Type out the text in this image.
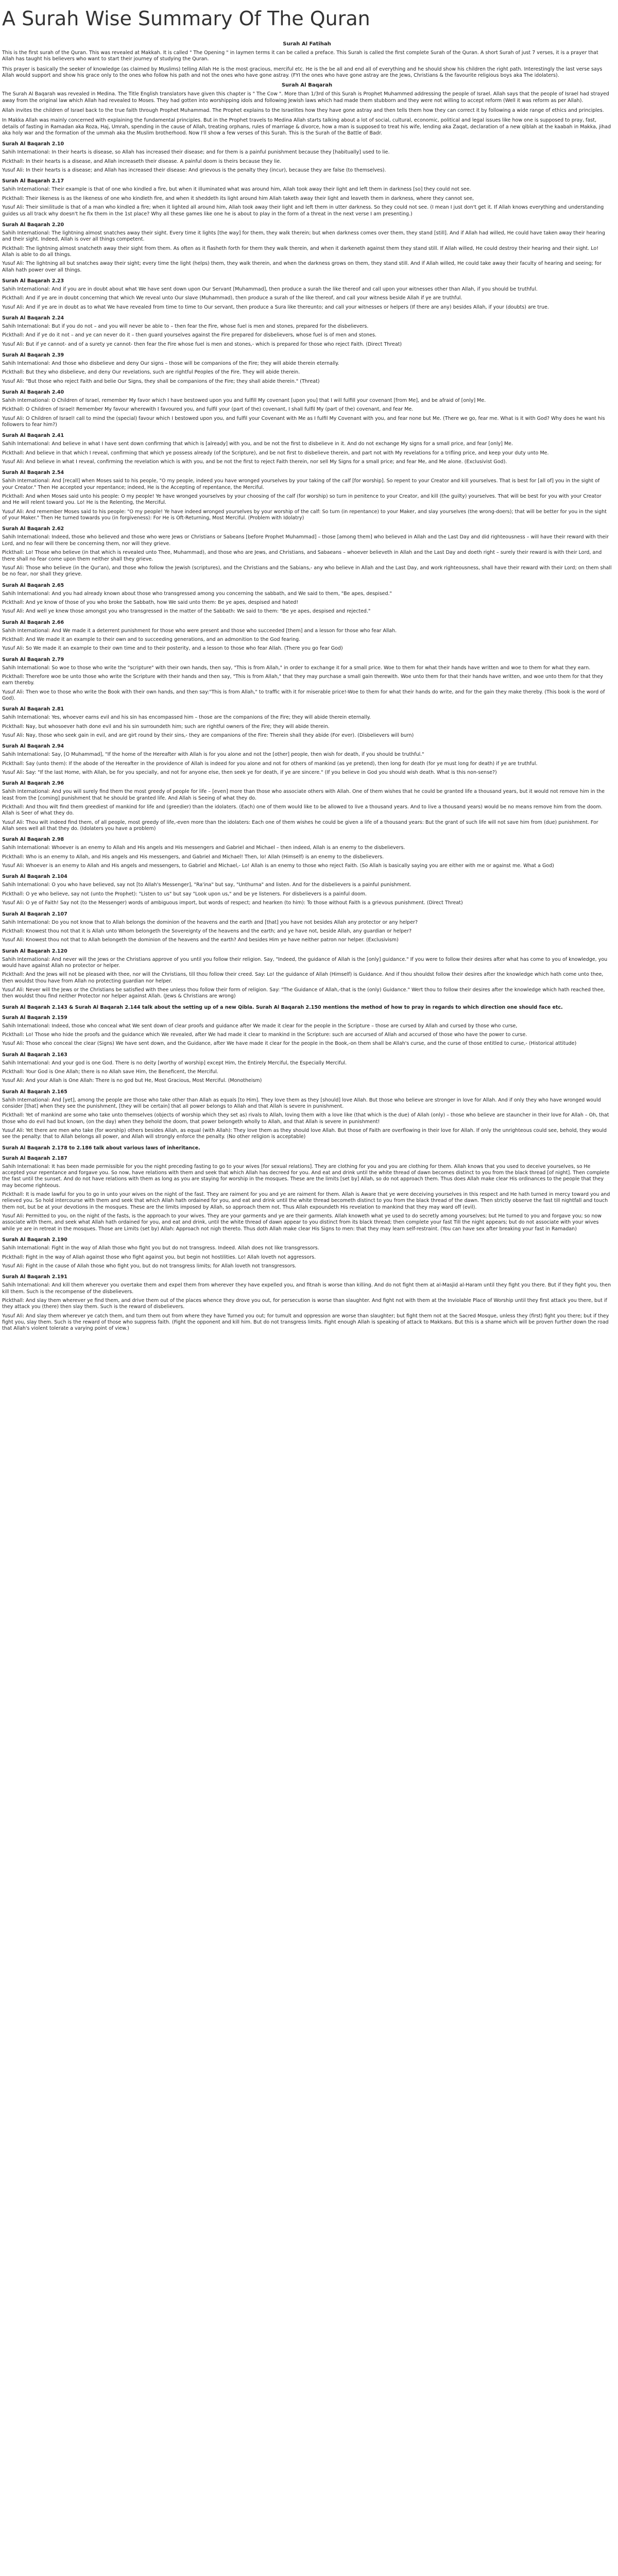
A Surah Wise Summary Of The Quran
Surah Al Fatihah

This is the first surah of the Quran. This was revealed at Makkah. It is called " The Opening " in laymen terms it can be called a preface. This Surah is called the first complete Surah of the Quran. A short Surah of just 7 verses, it is a prayer that Allah has taught his believers who want to start their journey of studying the Quran.

This prayer is basically the seeker of knowledge (as claimed by Muslims) telling Allah He is the most gracious, merciful etc. He is the be all and end all of everything and he should show his children the right path. Interestingly the last verse says Allah would support and show his grace only to the ones who follow his path and not the ones who have gone astray. (FYI the ones who have gone astray are the Jews, Christians & the favourite religious boys aka The idolaters).

Surah Al Baqarah

The Surah Al Baqarah was revealed in Medina. The Title English translators have given this chapter is " The Cow ". More than 1/3rd of this Surah is Prophet Muhammed addressing the people of Israel. Allah says that the people of Israel had strayed away from the original law which Allah had revealed to Moses. They had gotten into worshipping idols and following Jewish laws which had made them stubborn and they were not willing to accept reform (Well it was reform as per Allah).

Allah invites the children of Israel back to the true faith through Prophet Muhammad. The Prophet explains to the Israelites how they have gone astray and then tells them how they can correct it by following a wide range of ethics and principles.

In Makka Allah was mainly concerned with explaining the fundamental principles. But in the Prophet travels to Medina Allah starts talking about a lot of social, cultural, economic, political and legal issues like how one is supposed to pray, fast, details of fasting in Ramadan aka Roza, Haj, Umrah, spending in the cause of Allah, treating orphans, rules of marriage & divorce, how a man is supposed to treat his wife, lending aka Zaqat, declaration of a new qiblah at the kaabah in Makka, jihad aka holy war and the formation of the ummah aka the Muslim brotherhood. Now I'll show a few verses of this Surah. This is the Surah of the Battle of Badr.

Surah Al Baqarah 2.10

Sahih International: In their hearts is disease, so Allah has increased their disease; and for them is a painful punishment because they [habitually] used to lie.

Pickthall: In their hearts is a disease, and Allah increaseth their disease. A painful doom is theirs because they lie.

Yusuf Ali: In their hearts is a disease; and Allah has increased their disease: And grievous is the penalty they (incur), because they are false (to themselves).

Surah Al Baqarah 2.17

Sahih International: Their example is that of one who kindled a fire, but when it illuminated what was around him, Allah took away their light and left them in darkness [so] they could not see.

Pickthall: Their likeness is as the likeness of one who kindleth fire, and when it sheddeth its light around him Allah taketh away their light and leaveth them in darkness, where they cannot see,

Yusuf Ali: Their similitude is that of a man who kindled a fire; when it lighted all around him, Allah took away their light and left them in utter darkness. So they could not see. (I mean I just don't get it. If Allah knows everything and understanding guides us all track why doesn't he fix them in the 1st place? Why all these games like one he is about to play in the form of a threat in the next verse I am presenting.)

Surah Al Baqarah 2.20

Sahih International: The lightning almost snatches away their sight. Every time it lights [the way] for them, they walk therein; but when darkness comes over them, they stand [still]. And if Allah had willed, He could have taken away their hearing and their sight. Indeed, Allah is over all things competent.

Pickthall: The lightning almost snatcheth away their sight from them. As often as it flasheth forth for them they walk therein, and when it darkeneth against them they stand still. If Allah willed, He could destroy their hearing and their sight. Lo! Allah is able to do all things.

Yusuf Ali: The lightning all but snatches away their sight; every time the light (helps) them, they walk therein, and when the darkness grows on them, they stand still. And if Allah willed, He could take away their faculty of hearing and seeing; for Allah hath power over all things.

Surah Al Baqarah 2.23

Sahih International: And if you are in doubt about what We have sent down upon Our Servant [Muhammad], then produce a surah the like thereof and call upon your witnesses other than Allah, if you should be truthful.

Pickthall: And if ye are in doubt concerning that which We reveal unto Our slave (Muhammad), then produce a surah of the like thereof, and call your witness beside Allah if ye are truthful.

Yusuf Ali: And if ye are in doubt as to what We have revealed from time to time to Our servant, then produce a Sura like thereunto; and call your witnesses or helpers (If there are any) besides Allah, if your (doubts) are true.

Surah Al Baqarah 2.24

Sahih International: But if you do not – and you will never be able to – then fear the Fire, whose fuel is men and stones, prepared for the disbelievers.

Pickthall: And if ye do it not – and ye can never do it – then guard yourselves against the Fire prepared for disbelievers, whose fuel is of men and stones.

Yusuf Ali: But if ye cannot- and of a surety ye cannot- then fear the Fire whose fuel is men and stones,- which is prepared for those who reject Faith. (Direct Threat)

Surah Al Baqarah 2.39

Sahih International: And those who disbelieve and deny Our signs – those will be companions of the Fire; they will abide therein eternally.

Pickthall: But they who disbelieve, and deny Our revelations, such are rightful Peoples of the Fire. They will abide therein.

Yusuf Ali: "But those who reject Faith and belie Our Signs, they shall be companions of the Fire; they shall abide therein." (Threat)

Surah Al Baqarah 2.40

Sahih International: O Children of Israel, remember My favor which I have bestowed upon you and fulfill My covenant [upon you] that I will fulfill your covenant [from Me], and be afraid of [only] Me.

Pickthall: O Children of Israel! Remember My favour wherewith I favoured you, and fulfil your (part of the) covenant, I shall fulfil My (part of the) covenant, and fear Me.

Yusuf Ali: O Children of Israel! call to mind the (special) favour which I bestowed upon you, and fulfil your Covenant with Me as I fulfil My Covenant with you, and fear none but Me. (There we go, fear me. What is it with God? Why does he want his followers to fear him?)

Surah Al Baqarah 2.41

Sahih International: And believe in what I have sent down confirming that which is [already] with you, and be not the first to disbelieve in it. And do not exchange My signs for a small price, and fear [only] Me.

Pickthall: And believe in that which I reveal, confirming that which ye possess already (of the Scripture), and be not first to disbelieve therein, and part not with My revelations for a trifling price, and keep your duty unto Me.

Yusuf Ali: And believe in what I reveal, confirming the revelation which is with you, and be not the first to reject Faith therein, nor sell My Signs for a small price; and fear Me, and Me alone. (Exclusivist God).

Surah Al Baqarah 2.54

Sahih International: And [recall] when Moses said to his people, "O my people, indeed you have wronged yourselves by your taking of the calf [for worship]. So repent to your Creator and kill yourselves. That is best for [all of] you in the sight of your Creator." Then He accepted your repentance; indeed, He is the Accepting of repentance, the Merciful.

Pickthall: And when Moses said unto his people: O my people! Ye have wronged yourselves by your choosing of the calf (for worship) so turn in penitence to your Creator, and kill (the guilty) yourselves. That will be best for you with your Creator and He will relent toward you. Lo! He is the Relenting, the Merciful.

Yusuf Ali: And remember Moses said to his people: "O my people! Ye have indeed wronged yourselves by your worship of the calf: So turn (in repentance) to your Maker, and slay yourselves (the wrong-doers); that will be better for you in the sight of your Maker." Then He turned towards you (in forgiveness): For He is Oft-Returning, Most Merciful. (Problem with Idolatry)

Surah Al Baqarah 2.62

Sahih International: Indeed, those who believed and those who were Jews or Christians or Sabeans [before Prophet Muhammad] – those [among them] who believed in Allah and the Last Day and did righteousness – will have their reward with their Lord, and no fear will there be concerning them, nor will they grieve.

Pickthall: Lo! Those who believe (in that which is revealed unto Thee, Muhammad), and those who are Jews, and Christians, and Sabaeans – whoever believeth in Allah and the Last Day and doeth right – surely their reward is with their Lord, and there shall no fear come upon them neither shall they grieve.

Yusuf Ali: Those who believe (in the Qur'an), and those who follow the Jewish (scriptures), and the Christians and the Sabians,- any who believe in Allah and the Last Day, and work righteousness, shall have their reward with their Lord; on them shall be no fear, nor shall they grieve.

Surah Al Baqarah 2.65

Sahih International: And you had already known about those who transgressed among you concerning the sabbath, and We said to them, "Be apes, despised."

Pickthall: And ye know of those of you who broke the Sabbath, how We said unto them: Be ye apes, despised and hated!

Yusuf Ali: And well ye knew those amongst you who transgressed in the matter of the Sabbath: We said to them: "Be ye apes, despised and rejected."

Surah Al Baqarah 2.66

Sahih International: And We made it a deterrent punishment for those who were present and those who succeeded [them] and a lesson for those who fear Allah.

Pickthall: And We made it an example to their own and to succeeding generations, and an admonition to the God fearing.

Yusuf Ali: So We made it an example to their own time and to their posterity, and a lesson to those who fear Allah. (There you go fear God)

Surah Al Baqarah 2.79

Sahih International: So woe to those who write the "scripture" with their own hands, then say, "This is from Allah," in order to exchange it for a small price. Woe to them for what their hands have written and woe to them for what they earn.

Pickthall: Therefore woe be unto those who write the Scripture with their hands and then say, "This is from Allah," that they may purchase a small gain therewith. Woe unto them for that their hands have written, and woe unto them for that they earn thereby.

Yusuf Ali: Then woe to those who write the Book with their own hands, and then say:"This is from Allah," to traffic with it for miserable price!-Woe to them for what their hands do write, and for the gain they make thereby. (This book is the word of God).

Surah Al Baqarah 2.81

Sahih International: Yes, whoever earns evil and his sin has encompassed him – those are the companions of the Fire; they will abide therein eternally.

Pickthall: Nay, but whosoever hath done evil and his sin surroundeth him; such are rightful owners of the Fire; they will abide therein.

Yusuf Ali: Nay, those who seek gain in evil, and are girt round by their sins,- they are companions of the Fire: Therein shall they abide (For ever). (Disbelievers will burn)

Surah Al Baqarah 2.94

Sahih International: Say, [O Muhammad], "If the home of the Hereafter with Allah is for you alone and not the [other] people, then wish for death, if you should be truthful."

Pickthall: Say (unto them): If the abode of the Hereafter in the providence of Allah is indeed for you alone and not for others of mankind (as ye pretend), then long for death (for ye must long for death) if ye are truthful.

Yusuf Ali: Say: "If the last Home, with Allah, be for you specially, and not for anyone else, then seek ye for death, if ye are sincere." (If you believe in God you should wish death. What is this non-sense?)

Surah Al Baqarah 2.96

Sahih International: And you will surely find them the most greedy of people for life – [even] more than those who associate others with Allah. One of them wishes that he could be granted life a thousand years, but it would not remove him in the least from the [coming] punishment that he should be granted life. And Allah is Seeing of what they do.

Pickthall: And thou wilt find them greediest of mankind for life and (greedier) than the idolaters. (Each) one of them would like to be allowed to live a thousand years. And to live a thousand years) would be no means remove him from the doom. Allah is Seer of what they do.

Yusuf Ali: Thou wilt indeed find them, of all people, most greedy of life,-even more than the idolaters: Each one of them wishes he could be given a life of a thousand years: But the grant of such life will not save him from (due) punishment. For Allah sees well all that they do. (Idolaters you have a problem)

Surah Al Baqarah 2.98

Sahih International: Whoever is an enemy to Allah and His angels and His messengers and Gabriel and Michael – then indeed, Allah is an enemy to the disbelievers.

Pickthall: Who is an enemy to Allah, and His angels and His messengers, and Gabriel and Michael! Then, lo! Allah (Himself) is an enemy to the disbelievers.

Yusuf Ali: Whoever is an enemy to Allah and His angels and messengers, to Gabriel and Michael,- Lo! Allah is an enemy to those who reject Faith. (So Allah is basically saying you are either with me or against me. What a God)

Surah Al Baqarah 2.104

Sahih International: O you who have believed, say not [to Allah's Messenger], "Ra'ina" but say, "Unthurna" and listen. And for the disbelievers is a painful punishment.

Pickthall: O ye who believe, say not (unto the Prophet): "Listen to us" but say "Look upon us," and be ye listeners. For disbelievers is a painful doom.

Yusuf Ali: O ye of Faith! Say not (to the Messenger) words of ambiguous import, but words of respect; and hearken (to him): To those without Faith is a grievous punishment. (Direct Threat)

Surah Al Baqarah 2.107

Sahih International: Do you not know that to Allah belongs the dominion of the heavens and the earth and [that] you have not besides Allah any protector or any helper?

Pickthall: Knowest thou not that it is Allah unto Whom belongeth the Sovereignty of the heavens and the earth; and ye have not, beside Allah, any guardian or helper?

Yusuf Ali: Knowest thou not that to Allah belongeth the dominion of the heavens and the earth? And besides Him ye have neither patron nor helper. (Exclusivism)

Surah Al Baqarah 2.120

Sahih International: And never will the Jews or the Christians approve of you until you follow their religion. Say, "Indeed, the guidance of Allah is the [only] guidance." If you were to follow their desires after what has come to you of knowledge, you would have against Allah no protector or helper.

Pickthall: And the Jews will not be pleased with thee, nor will the Christians, till thou follow their creed. Say: Lo! the guidance of Allah (Himself) is Guidance. And if thou shouldst follow their desires after the knowledge which hath come unto thee, then wouldst thou have from Allah no protecting guardian nor helper.

Yusuf Ali: Never will the Jews or the Christians be satisfied with thee unless thou follow their form of religion. Say: "The Guidance of Allah,-that is the (only) Guidance." Wert thou to follow their desires after the knowledge which hath reached thee, then wouldst thou find neither Protector nor helper against Allah. (Jews & Christians are wrong)

Surah Al Baqarah 2.143 & Surah Al Baqarah 2.144 talk about the setting up of a new Qibla. Surah Al Baqarah 2.150 mentions the method of how to pray in regards to which direction one should face etc.

Surah Al Baqarah 2.159

Sahih International: Indeed, those who conceal what We sent down of clear proofs and guidance after We made it clear for the people in the Scripture – those are cursed by Allah and cursed by those who curse,

Pickthall: Lo! Those who hide the proofs and the guidance which We revealed, after We had made it clear to mankind in the Scripture: such are accursed of Allah and accursed of those who have the power to curse.

Yusuf Ali: Those who conceal the clear (Signs) We have sent down, and the Guidance, after We have made it clear for the people in the Book,-on them shall be Allah's curse, and the curse of those entitled to curse,- (Historical attitude)

Surah Al Baqarah 2.163

Sahih International: And your god is one God. There is no deity [worthy of worship] except Him, the Entirely Merciful, the Especially Merciful.

Pickthall: Your God is One Allah; there is no Allah save Him, the Beneficent, the Merciful.

Yusuf Ali: And your Allah is One Allah: There is no god but He, Most Gracious, Most Merciful. (Monotheism)

Surah Al Baqarah 2.165

Sahih International: And [yet], among the people are those who take other than Allah as equals [to Him]. They love them as they [should] love Allah. But those who believe are stronger in love for Allah. And if only they who have wronged would consider [that] when they see the punishment, [they will be certain] that all power belongs to Allah and that Allah is severe in punishment.

Pickthall: Yet of mankind are some who take unto themselves (objects of worship which they set as) rivals to Allah, loving them with a love like (that which is the due) of Allah (only) – those who believe are stauncher in their love for Allah – Oh, that those who do evil had but known, (on the day) when they behold the doom, that power belongeth wholly to Allah, and that Allah is severe in punishment!

Yusuf Ali: Yet there are men who take (for worship) others besides Allah, as equal (with Allah): They love them as they should love Allah. But those of Faith are overflowing in their love for Allah. If only the unrighteous could see, behold, they would see the penalty: that to Allah belongs all power, and Allah will strongly enforce the penalty. (No other religion is acceptable)

Surah Al Baqarah 2.178 to 2.186 talk about various laws of inheritance.

Surah Al Baqarah 2.187

Sahih International: It has been made permissible for you the night preceding fasting to go to your wives [for sexual relations]. They are clothing for you and you are clothing for them. Allah knows that you used to deceive yourselves, so He accepted your repentance and forgave you. So now, have relations with them and seek that which Allah has decreed for you. And eat and drink until the white thread of dawn becomes distinct to you from the black thread [of night]. Then complete the fast until the sunset. And do not have relations with them as long as you are staying for worship in the mosques. These are the limits [set by] Allah, so do not approach them. Thus does Allah make clear His ordinances to the people that they may become righteous.

Pickthall: It is made lawful for you to go in unto your wives on the night of the fast. They are raiment for you and ye are raiment for them. Allah is Aware that ye were deceiving yourselves in this respect and He hath turned in mercy toward you and relieved you. So hold intercourse with them and seek that which Allah hath ordained for you, and eat and drink until the white thread becometh distinct to you from the black thread of the dawn. Then strictly observe the fast till nightfall and touch them not, but be at your devotions in the mosques. These are the limits imposed by Allah, so approach them not. Thus Allah expoundeth His revelation to mankind that they may ward off (evil).

Yusuf Ali: Permitted to you, on the night of the fasts, is the approach to your wives. They are your garments and ye are their garments. Allah knoweth what ye used to do secretly among yourselves; but He turned to you and forgave you; so now associate with them, and seek what Allah hath ordained for you, and eat and drink, until the white thread of dawn appear to you distinct from its black thread; then complete your fast Till the night appears; but do not associate with your wives while ye are in retreat in the mosques. Those are Limits (set by) Allah: Approach not nigh thereto. Thus doth Allah make clear His Signs to men: that they may learn self-restraint. (You can have sex after breaking your fast in Ramadan)

Surah Al Baqarah 2.190

Sahih International: Fight in the way of Allah those who fight you but do not transgress. Indeed. Allah does not like transgressors.

Pickthall: Fight in the way of Allah against those who fight against you, but begin not hostilities. Lo! Allah loveth not aggressors.

Yusuf Ali: Fight in the cause of Allah those who fight you, but do not transgress limits; for Allah loveth not transgressors.

Surah Al Baqarah 2.191

Sahih International: And kill them wherever you overtake them and expel them from wherever they have expelled you, and fitnah is worse than killing. And do not fight them at al-Masjid al-Haram until they fight you there. But if they fight you, then kill them. Such is the recompense of the disbelievers.

Pickthall: And slay them wherever ye find them, and drive them out of the places whence they drove you out, for persecution is worse than slaughter. And fight not with them at the Inviolable Place of Worship until they first attack you there, but if they attack you (there) then slay them. Such is the reward of disbelievers.

Yusuf Ali: And slay them wherever ye catch them, and turn them out from where they have Turned you out; for tumult and oppression are worse than slaughter; but fight them not at the Sacred Mosque, unless they (first) fight you there; but if they fight you, slay them. Such is the reward of those who suppress faith. (Fight the opponent and kill him. But do not transgress limits. Fight enough Allah is speaking of attack to Makkans. But this is a shame which will be proven further down the road that Allah's violent tolerate a varying point of view.)
